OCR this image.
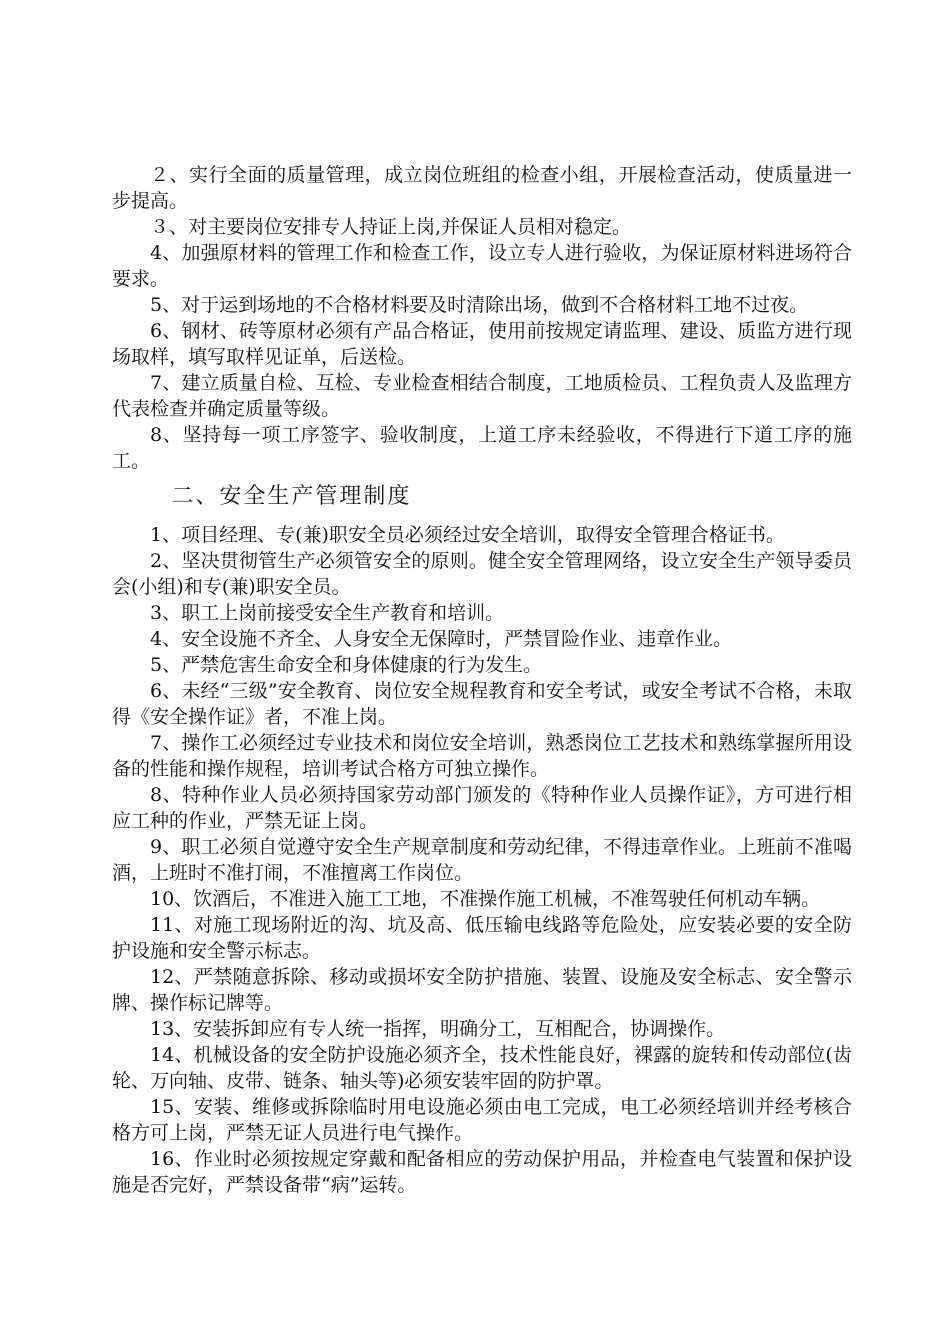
２、实行全面的质量管理，成立岗位班组的检查小组，开展检查活动，使质量进一步提高。

３、对主要岗位安排专人持证上岗,并保证人员相对稳定。

4、加强原材料的管理工作和检查工作，设立专人进行验收，为保证原材料进场符合要求。

5、对于运到场地的不合格材料要及时清除出场，做到不合格材料工地不过夜。

6、钢材、砖等原材必须有产品合格证，使用前按规定请监理、建设、质监方进行现场取样，填写取样见证单，后送检。

7、建立质量自检、互检、专业检查相结合制度，工地质检员、工程负责人及监理方代表检查并确定质量等级。

8、坚持每一项工序签字、验收制度，上道工序未经验收，不得进行下道工序的施工。

二、安全生产管理制度

1、项目经理、专(兼)职安全员必须经过安全培训，取得安全管理合格证书。

2、坚决贯彻管生产必须管安全的原则。健全安全管理网络，设立安全生产领导委员会(小组)和专(兼)职安全员。

3、职工上岗前接受安全生产教育和培训。

4、安全设施不齐全、人身安全无保障时，严禁冒险作业、违章作业。

5、严禁危害生命安全和身体健康的行为发生。

6、未经“三级”安全教育、岗位安全规程教育和安全考试，或安全考试不合格，未取得《安全操作证》者，不准上岗。

7、操作工必须经过专业技术和岗位安全培训，熟悉岗位工艺技术和熟练掌握所用设备的性能和操作规程，培训考试合格方可独立操作。

8、特种作业人员必须持国家劳动部门颁发的《特种作业人员操作证》，方可进行相应工种的作业，严禁无证上岗。

9、职工必须自觉遵守安全生产规章制度和劳动纪律，不得违章作业。上班前不准喝酒，上班时不准打闹，不准擅离工作岗位。

10、饮酒后，不准进入施工工地，不准操作施工机械，不准驾驶任何机动车辆。

11、对施工现场附近的沟、坑及高、低压输电线路等危险处，应安装必要的安全防护设施和安全警示标志。

12、严禁随意拆除、移动或损坏安全防护措施、装置、设施及安全标志、安全警示牌、操作标记牌等。

13、安装拆卸应有专人统一指挥，明确分工，互相配合，协调操作。

14、机械设备的安全防护设施必须齐全，技术性能良好，裸露的旋转和传动部位(齿轮、万向轴、皮带、链条、轴头等)必须安装牢固的防护罩。

15、安装、维修或拆除临时用电设施必须由电工完成，电工必须经培训并经考核合格方可上岗，严禁无证人员进行电气操作。

16、作业时必须按规定穿戴和配备相应的劳动保护用品，并检查电气装置和保护设施是否完好，严禁设备带“病”运转。
